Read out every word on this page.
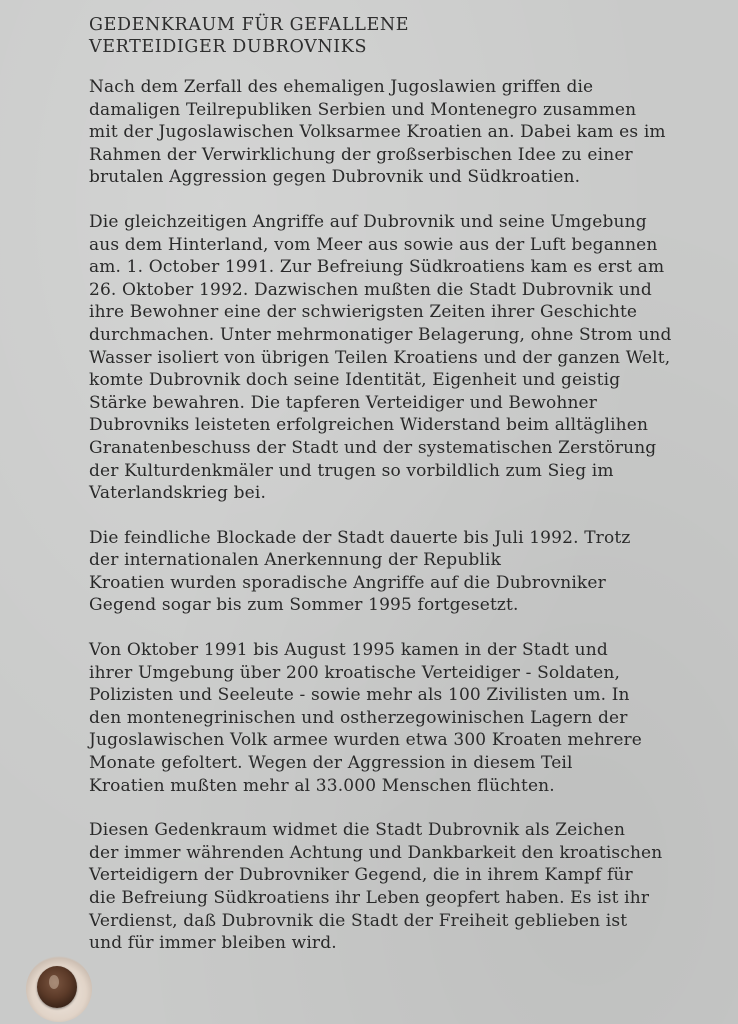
GEDENKRAUM FÜR GEFALLENE
VERTEIDIGER DUBROVNIKS
Nach dem Zerfall des ehemaligen Jugoslawien griffen die
damaligen Teilrepubliken Serbien und Montenegro zusammen
mit der Jugoslawischen Volksarmee Kroatien an. Dabei kam es im
Rahmen der Verwirklichung der großserbischen Idee zu einer
brutalen Aggression gegen Dubrovnik und Südkroatien.
Die gleichzeitigen Angriffe auf Dubrovnik und seine Umgebung
aus dem Hinterland, vom Meer aus sowie aus der Luft begannen
am. 1. October 1991. Zur Befreiung Südkroatiens kam es erst am
26. Oktober 1992. Dazwischen mußten die Stadt Dubrovnik und
ihre Bewohner eine der schwierigsten Zeiten ihrer Geschichte
durchmachen. Unter mehrmonatiger Belagerung, ohne Strom und
Wasser isoliert von übrigen Teilen Kroatiens und der ganzen Welt,
komte Dubrovnik doch seine Identität, Eigenheit und geistig
Stärke bewahren. Die tapferen Verteidiger und Bewohner
Dubrovniks leisteten erfolgreichen Widerstand beim alltäglihen
Granatenbeschuss der Stadt und der systematischen Zerstörung
der Kulturdenkmäler und trugen so vorbildlich zum Sieg im
Vaterlandskrieg bei.
Die feindliche Blockade der Stadt dauerte bis Juli 1992. Trotz
der internationalen Anerkennung der Republik
Kroatien wurden sporadische Angriffe auf die Dubrovniker
Gegend sogar bis zum Sommer 1995 fortgesetzt.
Von Oktober 1991 bis August 1995 kamen in der Stadt und
ihrer Umgebung über 200 kroatische Verteidiger - Soldaten,
Polizisten und Seeleute - sowie mehr als 100 Zivilisten um. In
den montenegrinischen und ostherzegowinischen Lagern der
Jugoslawischen Volk armee wurden etwa 300 Kroaten mehrere
Monate gefoltert. Wegen der Aggression in diesem Teil
Kroatien mußten mehr al 33.000 Menschen flüchten.
Diesen Gedenkraum widmet die Stadt Dubrovnik als Zeichen
der immer währenden Achtung und Dankbarkeit den kroatischen
Verteidigern der Dubrovniker Gegend, die in ihrem Kampf für
die Befreiung Südkroatiens ihr Leben geopfert haben. Es ist ihr
Verdienst, daß Dubrovnik die Stadt der Freiheit geblieben ist
und für immer bleiben wird.
